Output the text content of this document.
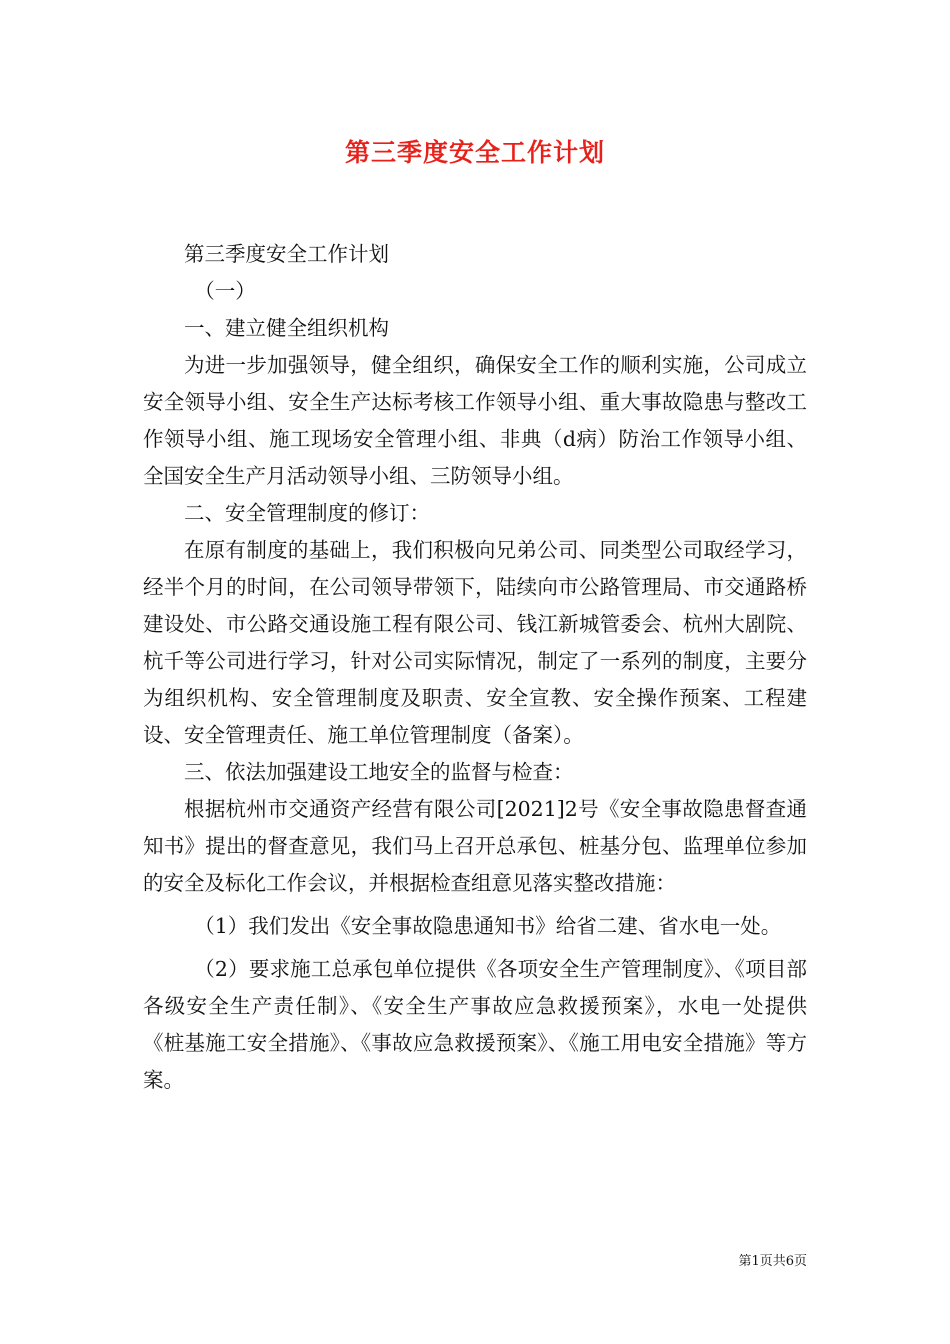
第三季度安全工作计划

第三季度安全工作计划

（一）

一、建立健全组织机构

为进一步加强领导，健全组织，确保安全工作的顺利实施，公司成立安全领导小组、安全生产达标考核工作领导小组、重大事故隐患与整改工作领导小组、施工现场安全管理小组、非典（d病）防治工作领导小组、全国安全生产月活动领导小组、三防领导小组。

二、安全管理制度的修订：

在原有制度的基础上，我们积极向兄弟公司、同类型公司取经学习，经半个月的时间，在公司领导带领下，陆续向市公路管理局、市交通路桥建设处、市公路交通设施工程有限公司、钱江新城管委会、杭州大剧院、杭千等公司进行学习，针对公司实际情况，制定了一系列的制度，主要分为组织机构、安全管理制度及职责、安全宣教、安全操作预案、工程建设、安全管理责任、施工单位管理制度（备案）。

三、依法加强建设工地安全的监督与检查：

根据杭州市交通资产经营有限公司[2021]2号《安全事故隐患督查通知书》提出的督查意见，我们马上召开总承包、桩基分包、监理单位参加的安全及标化工作会议，并根据检查组意见落实整改措施：

（1）我们发出《安全事故隐患通知书》给省二建、省水电一处。

（2）要求施工总承包单位提供《各项安全生产管理制度》、《项目部各级安全生产责任制》、《安全生产事故应急救援预案》，水电一处提供《桩基施工安全措施》、《事故应急救援预案》、《施工用电安全措施》等方案。

第1页共6页
